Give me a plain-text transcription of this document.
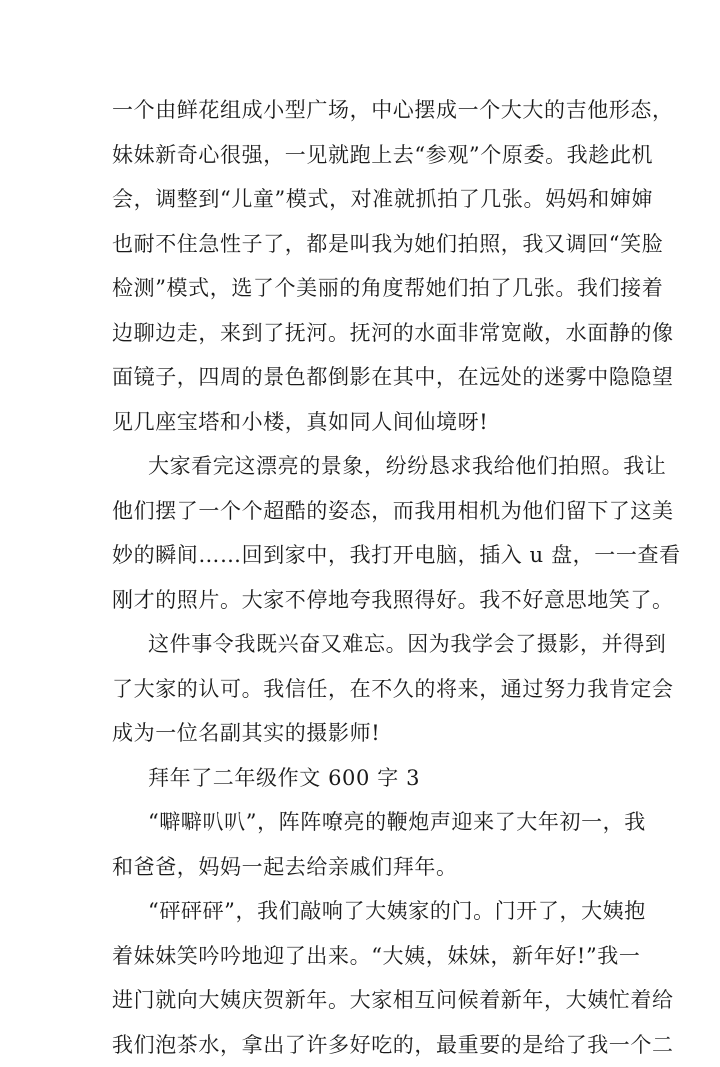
一个由鲜花组成小型广场，中心摆成一个大大的吉他形态，
妹妹新奇心很强，一见就跑上去“参观”个原委。我趁此机
会，调整到“儿童”模式，对准就抓拍了几张。妈妈和婶婶
也耐不住急性子了，都是叫我为她们拍照，我又调回“笑脸
检测”模式，选了个美丽的角度帮她们拍了几张。我们接着
边聊边走，来到了抚河。抚河的水面非常宽敞，水面静的像
面镜子，四周的景色都倒影在其中，在远处的迷雾中隐隐望
见几座宝塔和小楼，真如同人间仙境呀!
大家看完这漂亮的景象，纷纷恳求我给他们拍照。我让
他们摆了一个个超酷的姿态，而我用相机为他们留下了这美
妙的瞬间……回到家中，我打开电脑，插入 u 盘，一一查看
刚才的照片。大家不停地夸我照得好。我不好意思地笑了。
这件事令我既兴奋又难忘。因为我学会了摄影，并得到
了大家的认可。我信任，在不久的将来，通过努力我肯定会
成为一位名副其实的摄影师!
拜年了二年级作文 600 字 3
“噼噼叭叭”，阵阵嘹亮的鞭炮声迎来了大年初一，我
和爸爸，妈妈一起去给亲戚们拜年。
“砰砰砰”，我们敲响了大姨家的门。门开了，大姨抱
着妹妹笑吟吟地迎了出来。“大姨，妹妹，新年好!”我一
进门就向大姨庆贺新年。大家相互问候着新年，大姨忙着给
我们泡茶水，拿出了许多好吃的，最重要的是给了我一个二
